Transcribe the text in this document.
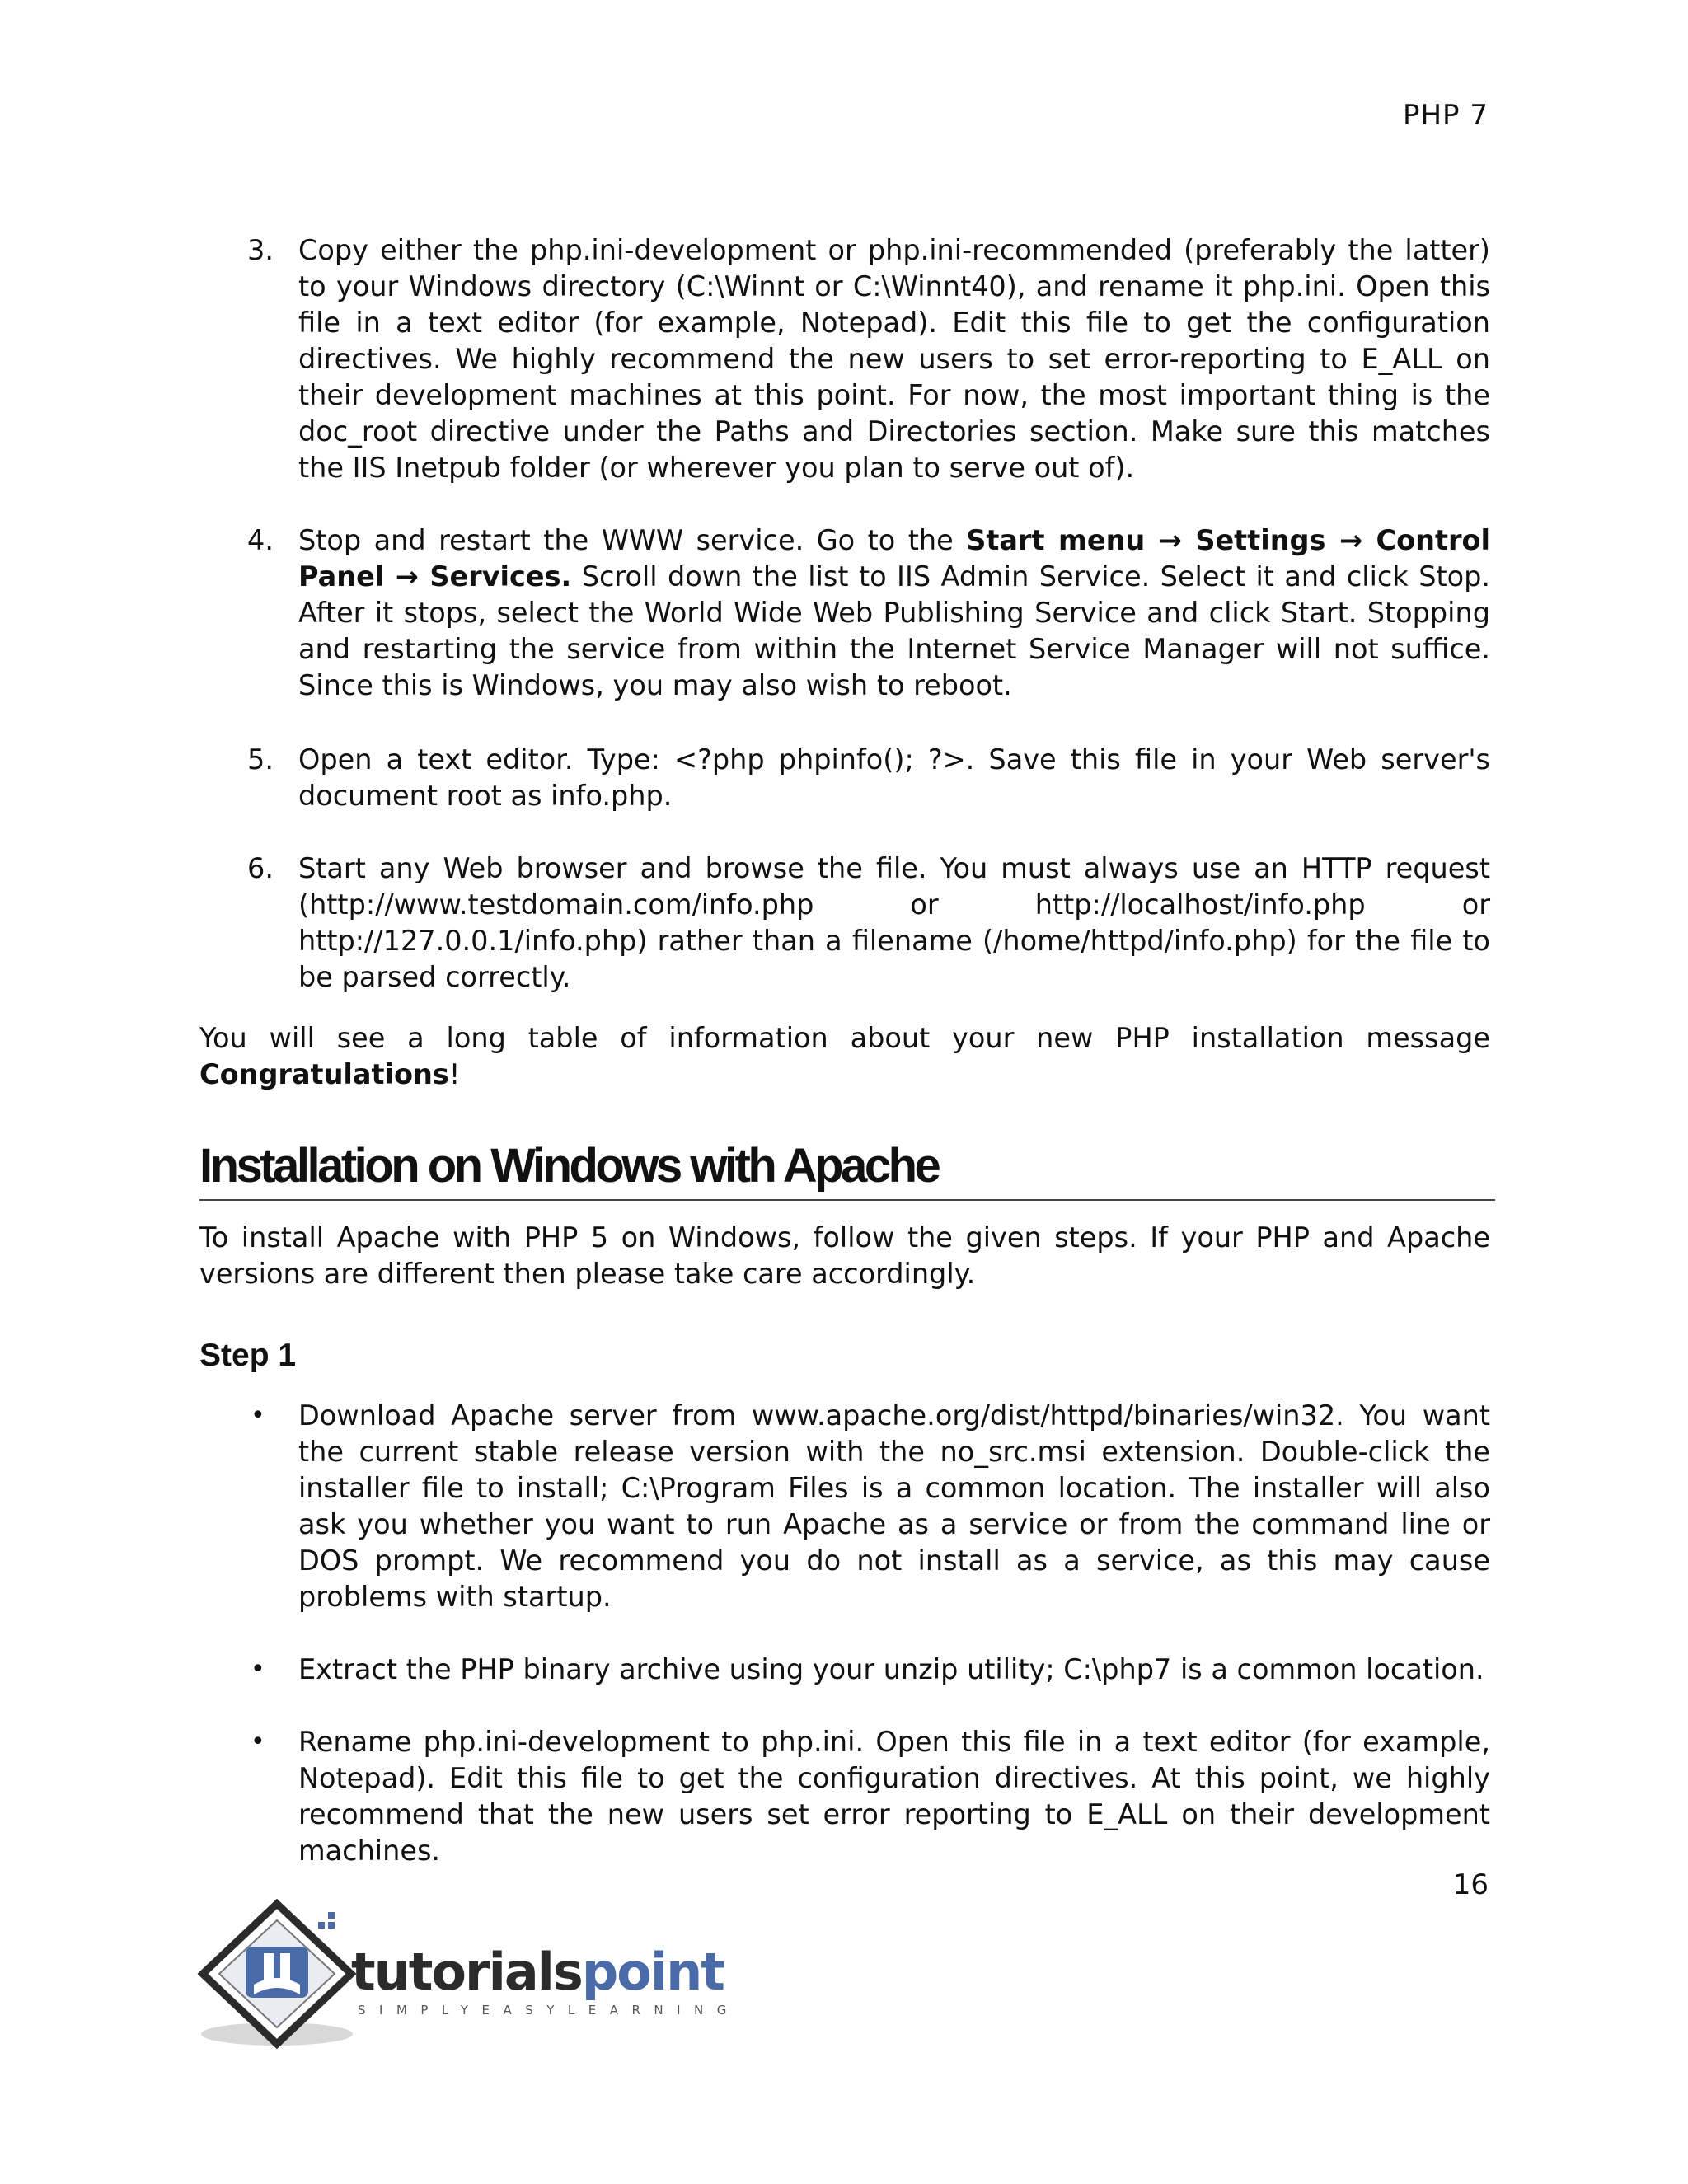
PHP 7
3. Copy either the php.ini-development or php.ini-recommended (preferably the latter) to your Windows directory (C:\Winnt or C:\Winnt40), and rename it php.ini. Open this file in a text editor (for example, Notepad). Edit this file to get the configuration directives. We highly recommend the new users to set error-reporting to E_ALL on their development machines at this point. For now, the most important thing is the doc_root directive under the Paths and Directories section. Make sure this matches the IIS Inetpub folder (or wherever you plan to serve out of).
4. Stop and restart the WWW service. Go to the Start menu → Settings → Control Panel → Services. Scroll down the list to IIS Admin Service. Select it and click Stop. After it stops, select the World Wide Web Publishing Service and click Start. Stopping and restarting the service from within the Internet Service Manager will not suffice. Since this is Windows, you may also wish to reboot.
5. Open a text editor. Type: <?php phpinfo(); ?>. Save this file in your Web server's document root as info.php.
6. Start any Web browser and browse the file. You must always use an HTTP request (http://www.testdomain.com/info.php or http://localhost/info.php or http://127.0.0.1/info.php) rather than a filename (/home/httpd/info.php) for the file to be parsed correctly.
You will see a long table of information about your new PHP installation message Congratulations!
Installation on Windows with Apache
To install Apache with PHP 5 on Windows, follow the given steps. If your PHP and Apache versions are different then please take care accordingly.
Step 1
• Download Apache server from www.apache.org/dist/httpd/binaries/win32. You want the current stable release version with the no_src.msi extension. Double-click the installer file to install; C:\Program Files is a common location. The installer will also ask you whether you want to run Apache as a service or from the command line or DOS prompt. We recommend you do not install as a service, as this may cause problems with startup.
• Extract the PHP binary archive using your unzip utility; C:\php7 is a common location.
• Rename php.ini-development to php.ini. Open this file in a text editor (for example, Notepad). Edit this file to get the configuration directives. At this point, we highly recommend that the new users set error reporting to E_ALL on their development machines.
16
tutorialspoint
SIMPLYEASYLEARNING
